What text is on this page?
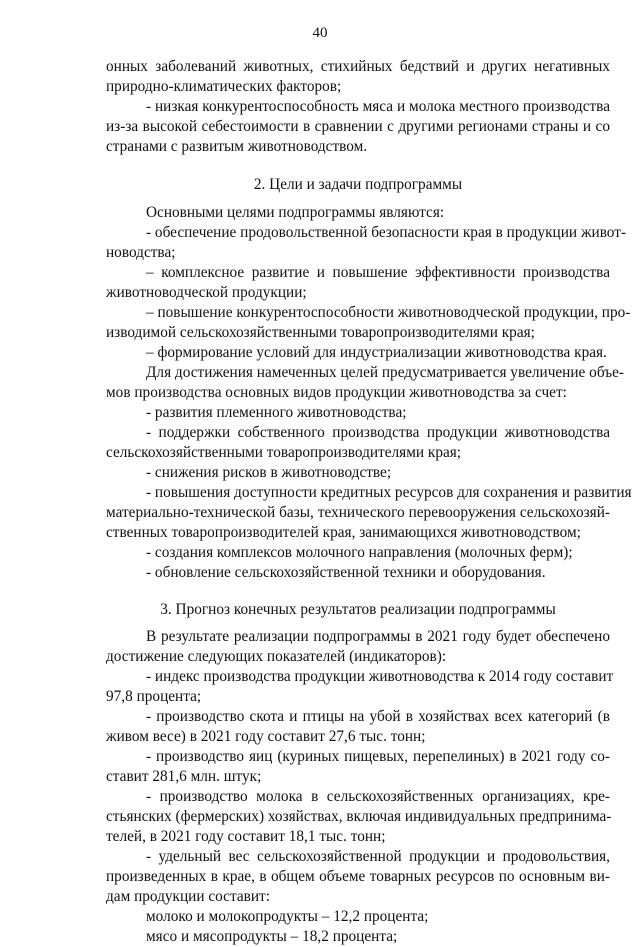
40
онных заболеваний животных, стихийных бедствий и других негативных
природно-климатических факторов;
- низкая конкурентоспособность мяса и молока местного производства
из-за высокой себестоимости в сравнении с другими регионами страны и со
странами с развитым животноводством.
2. Цели и задачи подпрограммы
Основными целями подпрограммы являются:
- обеспечение продовольственной безопасности края в продукции живот-
новодства;
– комплексное развитие и повышение эффективности производства
животноводческой продукции;
– повышение конкурентоспособности животноводческой продукции, про-
изводимой сельскохозяйственными товаропроизводителями края;
– формирование условий для индустриализации животноводства края.
Для достижения намеченных целей предусматривается увеличение объе-
мов производства основных видов продукции животноводства за счет:
- развития племенного животноводства;
- поддержки собственного производства продукции животноводства
сельскохозяйственными товаропроизводителями края;
- снижения рисков в животноводстве;
- повышения доступности кредитных ресурсов для сохранения и развития
материально-технической базы, технического перевооружения сельскохозяй-
ственных товаропроизводителей края, занимающихся животноводством;
- создания комплексов молочного направления (молочных ферм);
- обновление сельскохозяйственной техники и оборудования.
3. Прогноз конечных результатов реализации подпрограммы
В результате реализации подпрограммы в 2021 году будет обеспечено
достижение следующих показателей (индикаторов):
- индекс производства продукции животноводства к 2014 году составит
97,8 процента;
- производство скота и птицы на убой в хозяйствах всех категорий (в
живом весе) в 2021 году составит 27,6 тыс. тонн;
- производство яиц (куриных пищевых, перепелиных) в 2021 году со-
ставит 281,6 млн. штук;
- производство молока в сельскохозяйственных организациях, кре-
стьянских (фермерских) хозяйствах, включая индивидуальных предпринима-
телей, в 2021 году составит 18,1 тыс. тонн;
- удельный вес сельскохозяйственной продукции и продовольствия,
произведенных в крае, в общем объеме товарных ресурсов по основным ви-
дам продукции составит:
молоко и молокопродукты – 12,2 процента;
мясо и мясопродукты – 18,2 процента;
